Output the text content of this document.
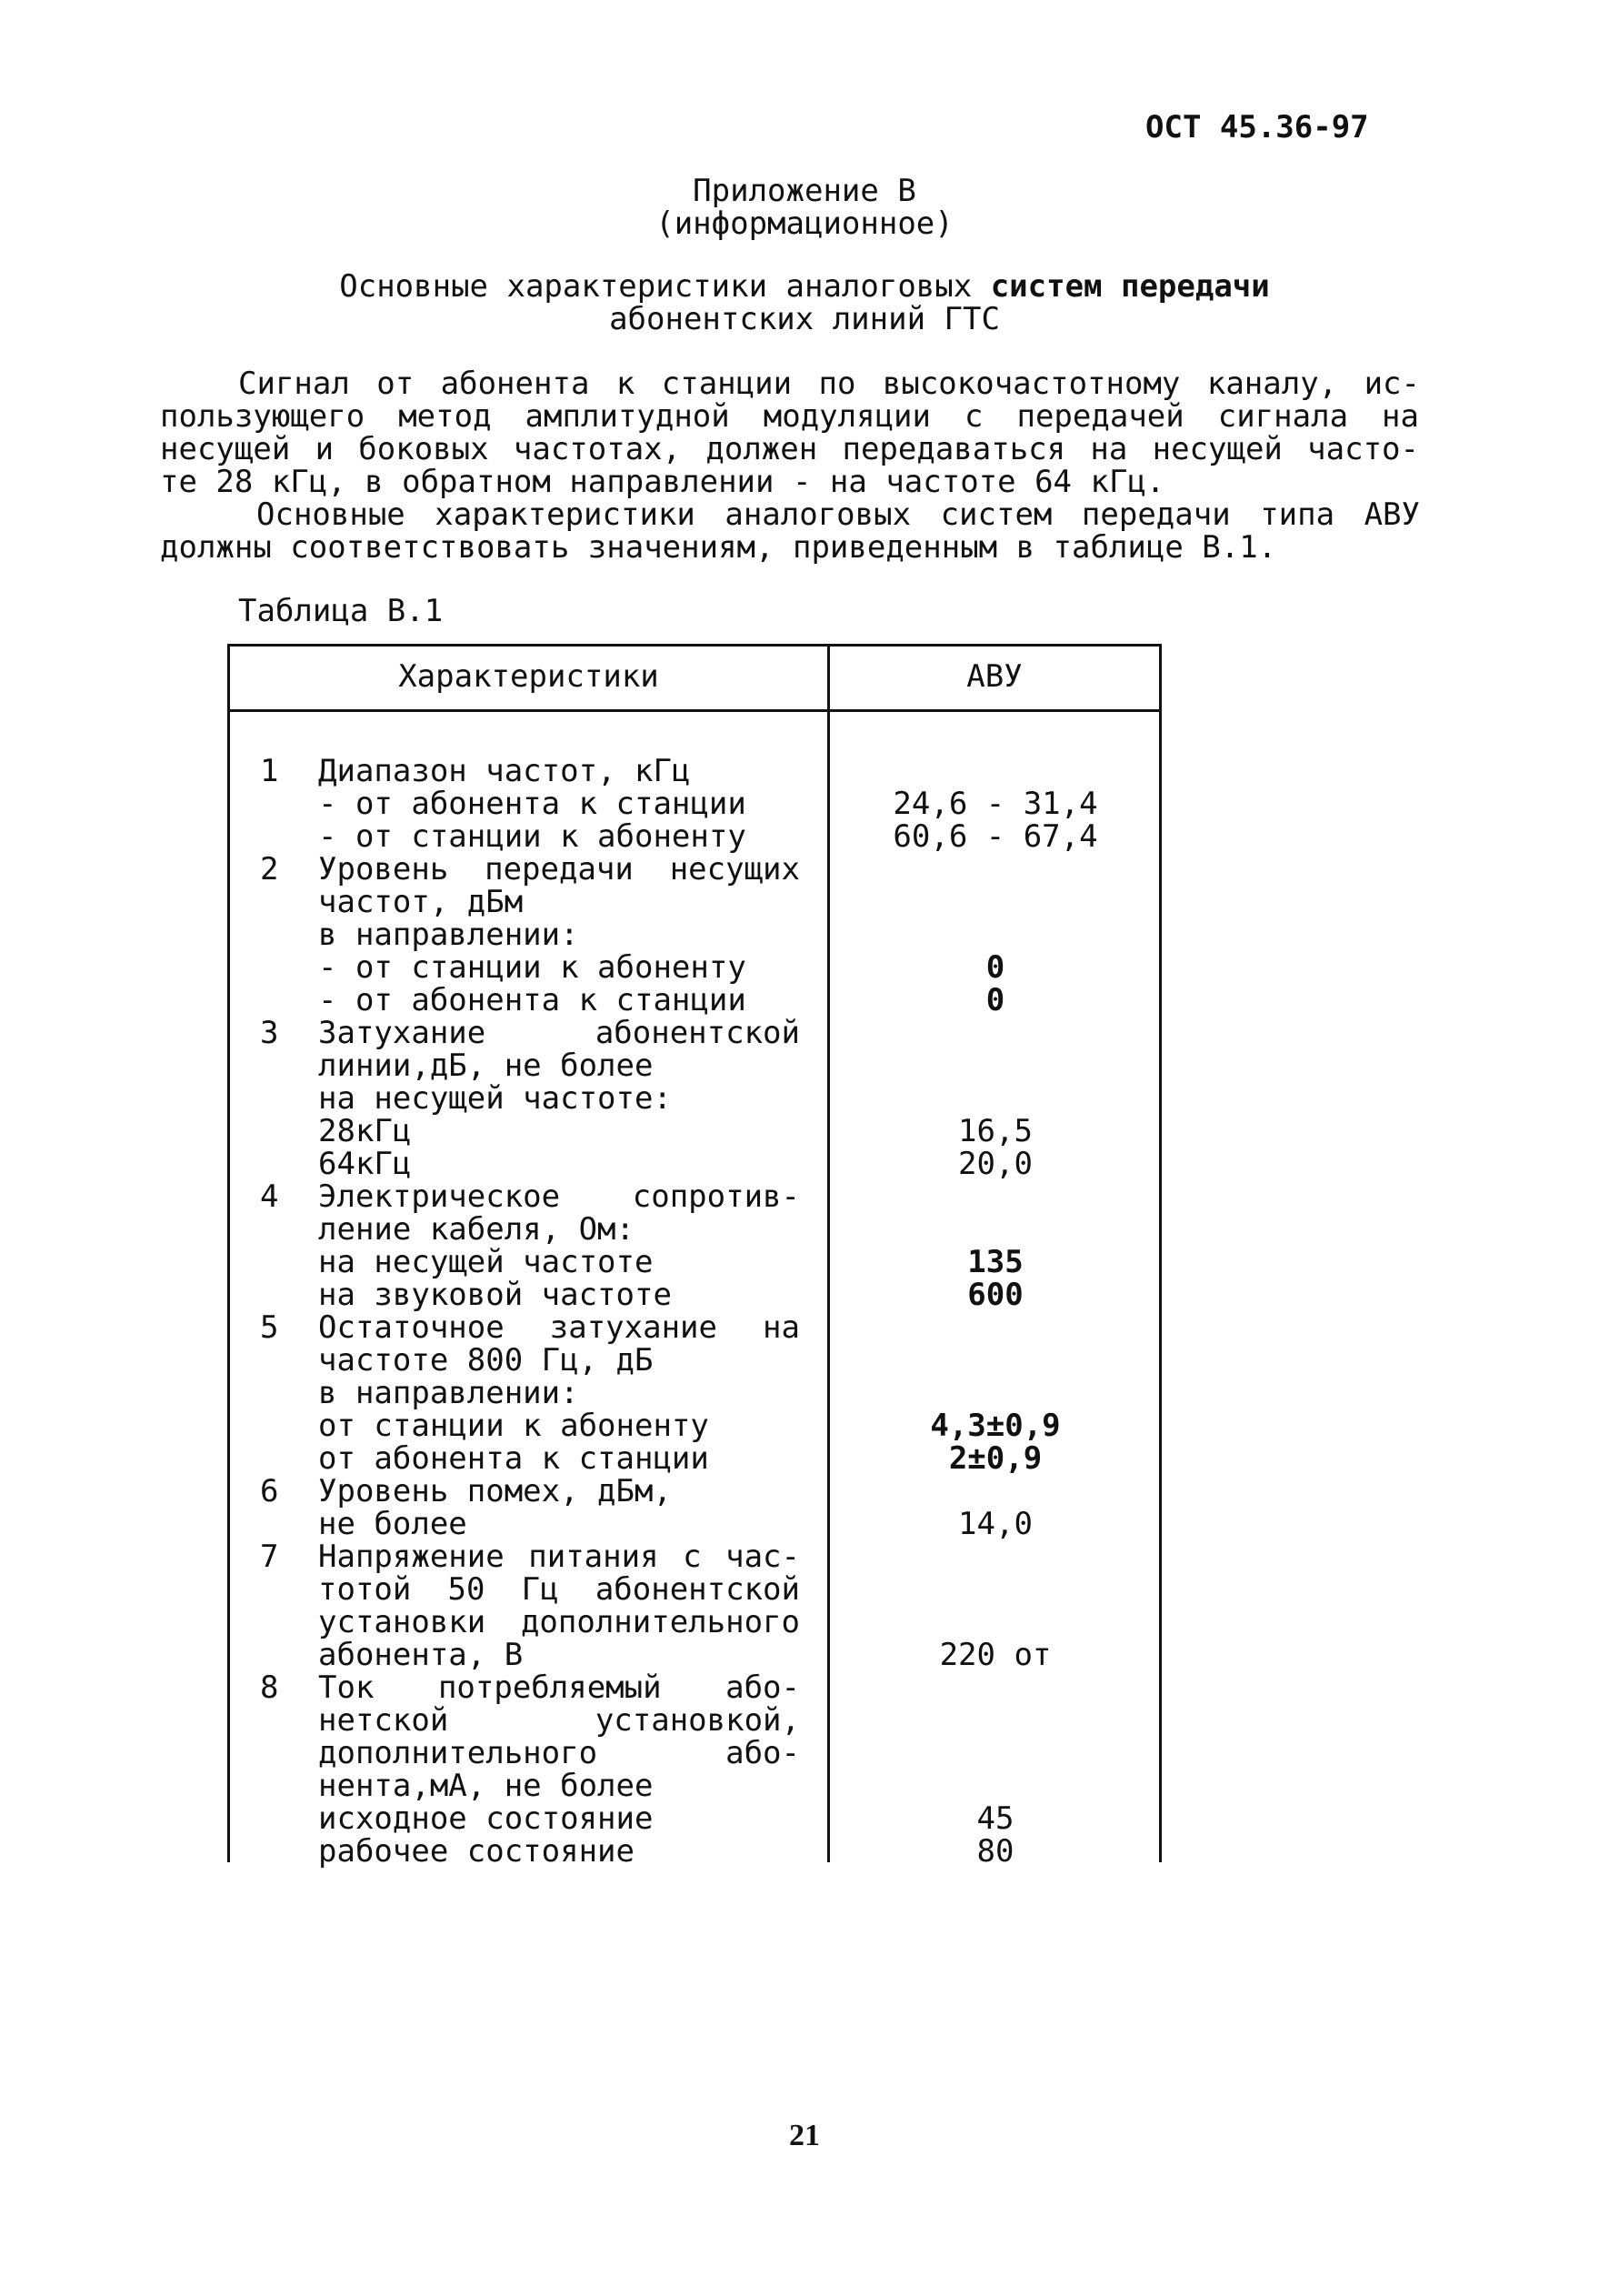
ОСТ 45.36-97
Приложение В
(информационное)
Основные характеристики аналоговых систем передачи
абонентских линий ГТС
Сигнал от абонента к станции по высокочастотному каналу, ис-
пользующего метод амплитудной модуляции с передачей сигнала на
несущей и боковых частотах, должен передаваться на несущей часто-
те 28 кГц, в обратном направлении - на частоте 64 кГц.
Основные характеристики аналоговых систем передачи типа АВУ
должны соответствовать значениям, приведенным в таблице В.1.
Таблица В.1
Характеристики	АВУ
1 Диапазон частот, кГц
- от абонента к станции	24,6 - 31,4
- от станции к абоненту	60,6 - 67,4
2 Уровень передачи несущих
частот, дБм
в направлении:
- от станции к абоненту	0
- от абонента к станции	0
3 Затухание абонентской
линии,дБ, не более
на несущей частоте:
28кГц	16,5
64кГц	20,0
4 Электрическое сопротив-
ление кабеля, Ом:
на несущей частоте	135
на звуковой частоте	600
5 Остаточное затухание на
частоте 800 Гц, дБ
в направлении:
от станции к абоненту	4,3±0,9
от абонента к станции	2±0,9
6 Уровень помех, дБм,
не более	14,0
7 Напряжение питания с час-
тотой 50 Гц абонентской
установки дополнительного
абонента, В	220 от
8 Ток потребляемый або-
нетской установкой,
дополнительного або-
нента,мА, не более
исходное состояние	45
рабочее состояние	80
21
